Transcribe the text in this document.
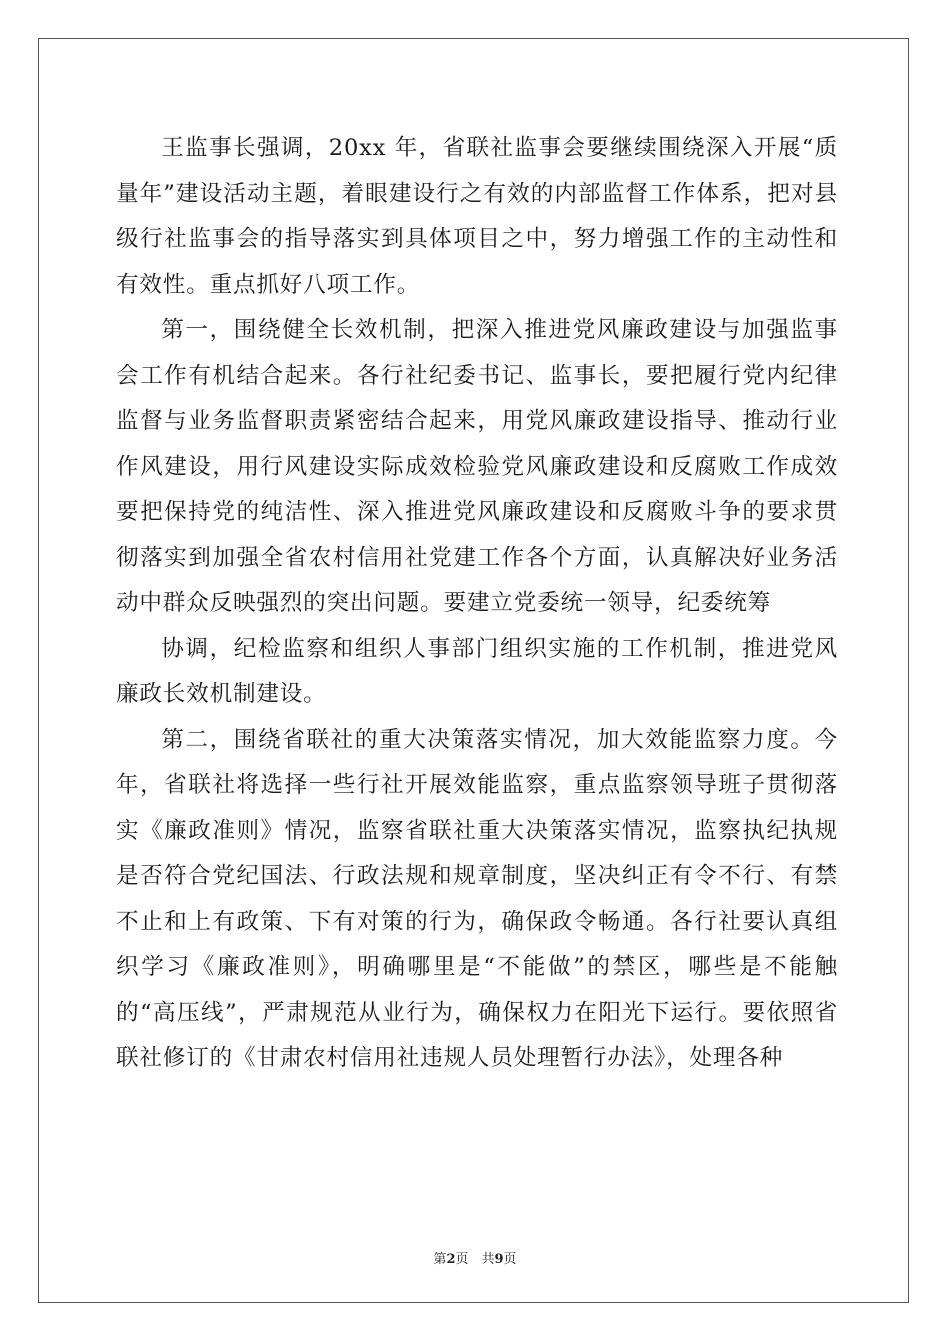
王监事长强调，20xx 年，省联社监事会要继续围绕深入开展“质量年”建设活动主题，着眼建设行之有效的内部监督工作体系，把对县级行社监事会的指导落实到具体项目之中，努力增强工作的主动性和有效性。重点抓好八项工作。

第一，围绕健全长效机制，把深入推进党风廉政建设与加强监事会工作有机结合起来。各行社纪委书记、监事长，要把履行党内纪律监督与业务监督职责紧密结合起来，用党风廉政建设指导、推动行业作风建设，用行风建设实际成效检验党风廉政建设和反腐败工作成效要把保持党的纯洁性、深入推进党风廉政建设和反腐败斗争的要求贯彻落实到加强全省农村信用社党建工作各个方面，认真解决好业务活动中群众反映强烈的突出问题。要建立党委统一领导，纪委统筹

协调，纪检监察和组织人事部门组织实施的工作机制，推进党风廉政长效机制建设。

第二，围绕省联社的重大决策落实情况，加大效能监察力度。今年，省联社将选择一些行社开展效能监察，重点监察领导班子贯彻落实《廉政准则》情况，监察省联社重大决策落实情况，监察执纪执规是否符合党纪国法、行政法规和规章制度，坚决纠正有令不行、有禁不止和上有政策、下有对策的行为，确保政令畅通。各行社要认真组织学习《廉政准则》，明确哪里是“不能做”的禁区，哪些是不能触的“高压线”，严肃规范从业行为，确保权力在阳光下运行。要依照省联社修订的《甘肃农村信用社违规人员处理暂行办法》，处理各种

第2页　共9页
